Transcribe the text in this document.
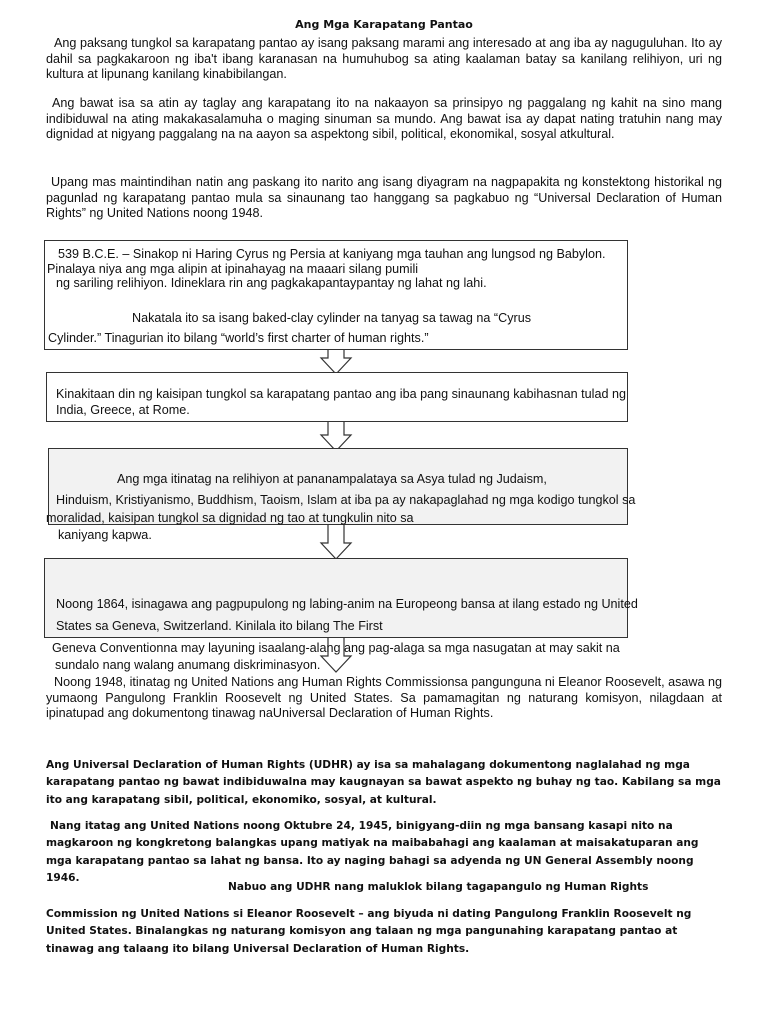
Ang Mga Karapatang Pantao
Ang paksang tungkol sa karapatang pantao ay isang paksang marami ang interesado at ang iba ay naguguluhan. Ito ay dahil sa pagkakaroon ng iba't ibang karanasan na humuhubog sa ating kaalaman batay sa kanilang relihiyon, uri ng kultura at lipunang kanilang kinabibilangan.
Ang bawat isa sa atin ay taglay ang karapatang ito na nakaayon sa prinsipyo ng paggalang ng kahit na sino mang indibiduwal na ating makakasalamuha o maging sinuman sa mundo. Ang bawat isa ay dapat nating tratuhin nang may dignidad at nigyang paggalang na na aayon sa aspektong sibil, political, ekonomikal, sosyal atkultural.
Upang mas maintindihan natin ang paskang ito narito ang isang diyagram na nagpapakita ng konstektong historikal ng pagunlad ng karapatang pantao mula sa sinaunang tao hanggang sa pagkabuo ng “Universal Declaration of Human Rights” ng United Nations noong 1948.
539 B.C.E. – Sinakop ni Haring Cyrus ng Persia at kaniyang mga tauhan ang lungsod ng Babylon.
Pinalaya niya ang mga alipin at ipinahayag na maaari silang pumili
ng sariling relihiyon. Idineklara rin ang pagkakapantaypantay ng lahat ng lahi.
Nakatala ito sa isang baked-clay cylinder na tanyag sa tawag na “Cyrus
Cylinder.” Tinagurian ito bilang “world’s first charter of human rights.”
Kinakitaan din ng kaisipan tungkol sa karapatang pantao ang iba pang sinaunang kabihasnan tulad ng
India, Greece, at Rome.
Ang mga itinatag na relihiyon at pananampalataya sa Asya tulad ng Judaism,
Hinduism, Kristiyanismo, Buddhism, Taoism, Islam at iba pa ay nakapaglahad ng mga kodigo tungkol sa
moralidad, kaisipan tungkol sa dignidad ng tao at tungkulin nito sa
kaniyang kapwa.
Noong 1864, isinagawa ang pagpupulong ng labing-anim na Europeong bansa at ilang estado ng United
States sa Geneva, Switzerland. Kinilala ito bilang The First
Geneva Conventionna may layuning isaalang-alang ang pag-alaga sa mga nasugatan at may sakit na
sundalo nang walang anumang diskriminasyon.
Noong 1948, itinatag ng United Nations ang Human Rights Commissionsa pangunguna ni Eleanor Roosevelt, asawa ng yumaong Pangulong Franklin Roosevelt ng United States. Sa pamamagitan ng naturang komisyon, nilagdaan at ipinatupad ang dokumentong tinawag naUniversal Declaration of Human Rights.
Ang Universal Declaration of Human Rights (UDHR) ay isa sa mahalagang dokumentong naglalahad ng mga karapatang pantao ng bawat indibiduwalna may kaugnayan sa bawat aspekto ng buhay ng tao. Kabilang sa mga ito ang karapatang sibil, political, ekonomiko, sosyal, at kultural.
Nang itatag ang United Nations noong Oktubre 24, 1945, binigyang-diin ng mga bansang kasapi nito na magkaroon ng kongkretong balangkas upang matiyak na maibabahagi ang kaalaman at maisakatuparan ang mga karapatang pantao sa lahat ng bansa. Ito ay naging bahagi sa adyenda ng UN General Assembly noong 1946.
Nabuo ang UDHR nang maluklok bilang tagapangulo ng Human Rights
Commission ng United Nations si Eleanor Roosevelt – ang biyuda ni dating Pangulong Franklin Roosevelt ng United States. Binalangkas ng naturang komisyon ang talaan ng mga pangunahing karapatang pantao at tinawag ang talaang ito bilang Universal Declaration of Human Rights.
